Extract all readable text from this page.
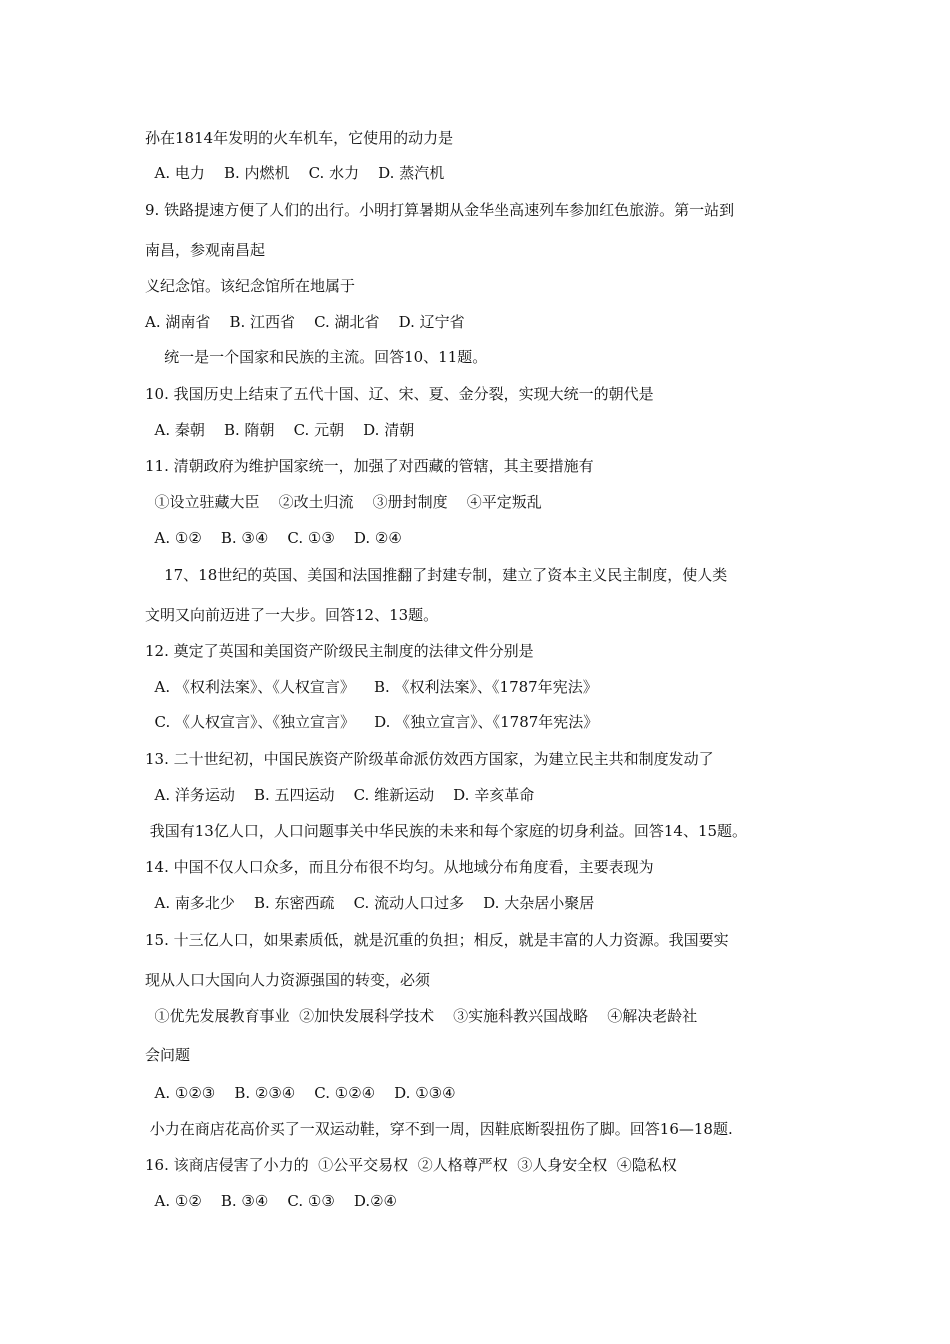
孙在1814年发明的火车机车，它使用的动力是
A. 电力    B. 内燃机    C. 水力    D. 蒸汽机
9. 铁路提速方便了人们的出行。小明打算暑期从金华坐高速列车参加红色旅游。第一站到
南昌，参观南昌起
义纪念馆。该纪念馆所在地属于
A. 湖南省    B. 江西省    C. 湖北省    D. 辽宁省
统一是一个国家和民族的主流。回答10、11题。
10. 我国历史上结束了五代十国、辽、宋、夏、金分裂，实现大统一的朝代是
A. 秦朝    B. 隋朝    C. 元朝    D. 清朝
11. 清朝政府为维护国家统一，加强了对西藏的管辖，其主要措施有
①设立驻藏大臣    ②改土归流    ③册封制度    ④平定叛乱
A. ①②    B. ③④    C. ①③    D. ②④
17、18世纪的英国、美国和法国推翻了封建专制，建立了资本主义民主制度，使人类
文明又向前迈进了一大步。回答12、13题。
12. 奠定了英国和美国资产阶级民主制度的法律文件分别是
A. 《权利法案》、《人权宣言》    B. 《权利法案》、《1787年宪法》
C. 《人权宣言》、《独立宣言》    D. 《独立宣言》、《1787年宪法》
13. 二十世纪初，中国民族资产阶级革命派仿效西方国家，为建立民主共和制度发动了
A. 洋务运动    B. 五四运动    C. 维新运动    D. 辛亥革命
我国有13亿人口，人口问题事关中华民族的未来和每个家庭的切身利益。回答14、15题。
14. 中国不仅人口众多，而且分布很不均匀。从地域分布角度看，主要表现为
A. 南多北少    B. 东密西疏    C. 流动人口过多    D. 大杂居小聚居
15. 十三亿人口，如果素质低，就是沉重的负担；相反，就是丰富的人力资源。我国要实
现从人口大国向人力资源强国的转变，必须
①优先发展教育事业  ②加快发展科学技术    ③实施科教兴国战略    ④解决老龄社
会问题
A. ①②③    B. ②③④    C. ①②④    D. ①③④
小力在商店花高价买了一双运动鞋，穿不到一周，因鞋底断裂扭伤了脚。回答16—18题.
16. 该商店侵害了小力的  ①公平交易权  ②人格尊严权  ③人身安全权  ④隐私权
A. ①②    B. ③④    C. ①③    D.②④
